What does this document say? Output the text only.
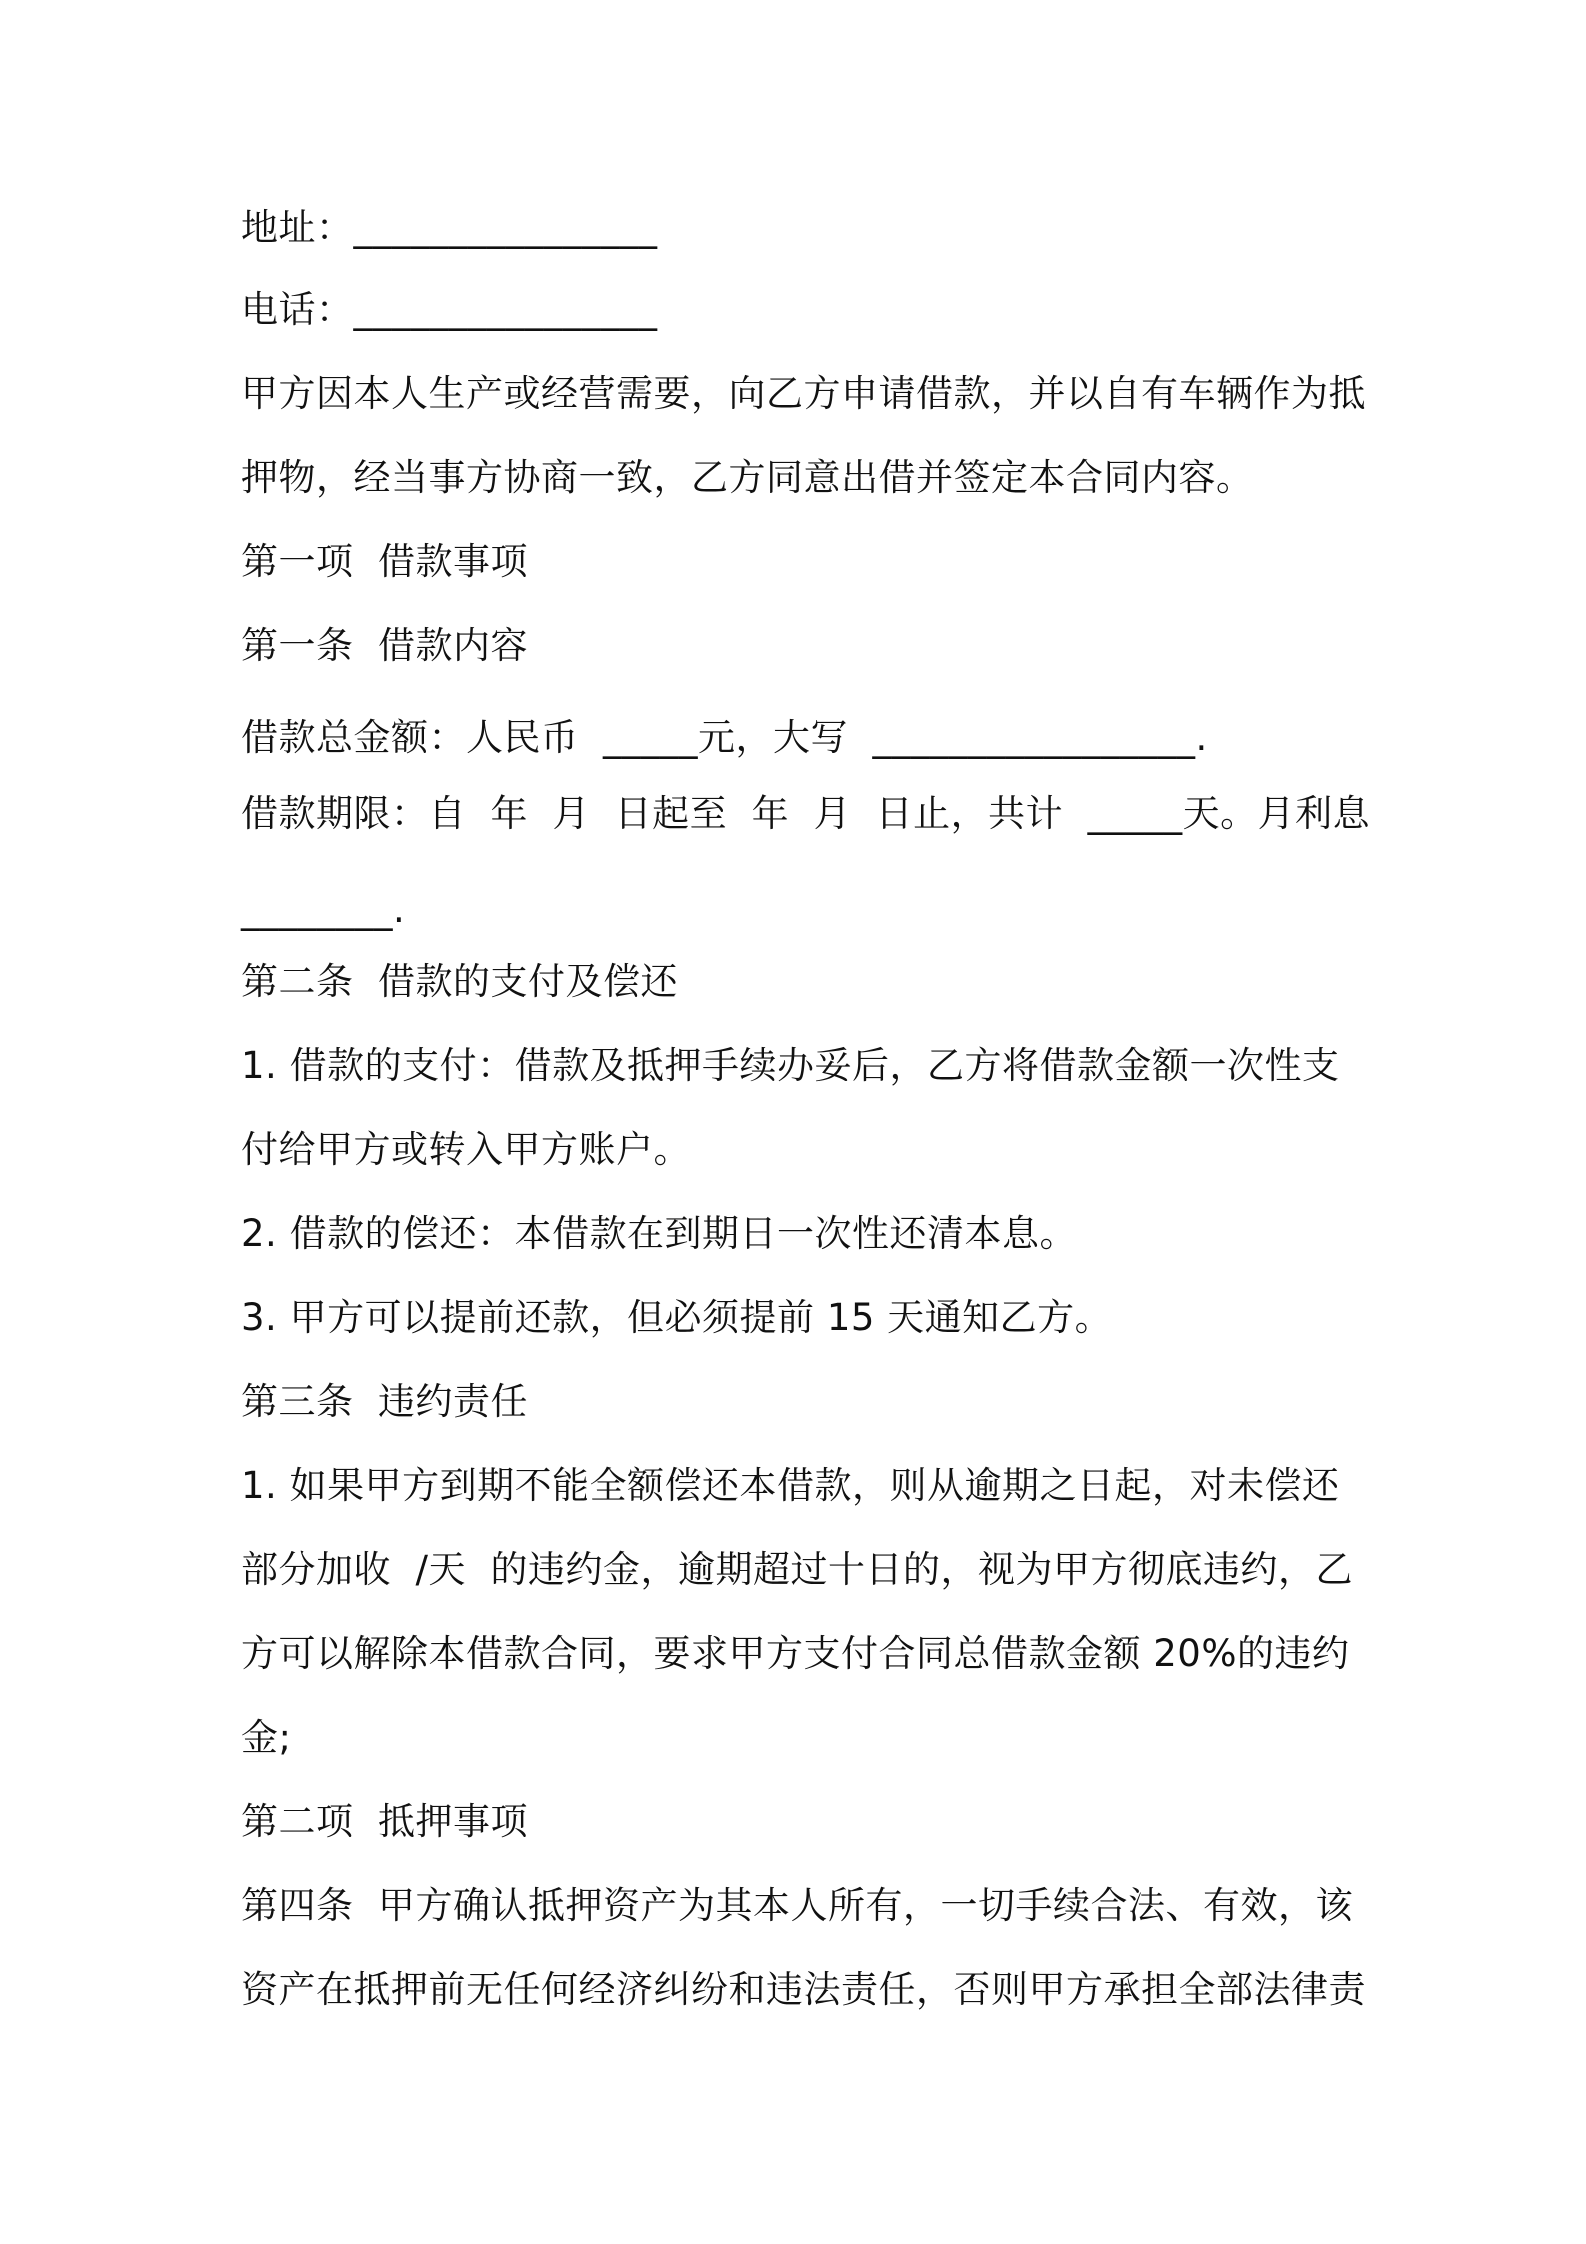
地址：________________
电话：________________
甲方因本人生产或经营需要，向乙方申请借款，并以自有车辆作为抵
押物，经当事方协商一致，乙方同意出借并签定本合同内容。
第一项  借款事项
第一条  借款内容
借款总金额：人民币  _____元，大写  _________________.
借款期限：自  年  月  日起至  年  月  日止，共计  _____天。月利息
________.
第二条  借款的支付及偿还
1. 借款的支付：借款及抵押手续办妥后，乙方将借款金额一次性支
付给甲方或转入甲方账户。
2. 借款的偿还：本借款在到期日一次性还清本息。
3. 甲方可以提前还款，但必须提前 15 天通知乙方。
第三条  违约责任
1. 如果甲方到期不能全额偿还本借款，则从逾期之日起，对未偿还
部分加收  /天  的违约金，逾期超过十日的，视为甲方彻底违约，乙
方可以解除本借款合同，要求甲方支付合同总借款金额 20%的违约
金;
第二项  抵押事项
第四条  甲方确认抵押资产为其本人所有，一切手续合法、有效，该
资产在抵押前无任何经济纠纷和违法责任，否则甲方承担全部法律责
